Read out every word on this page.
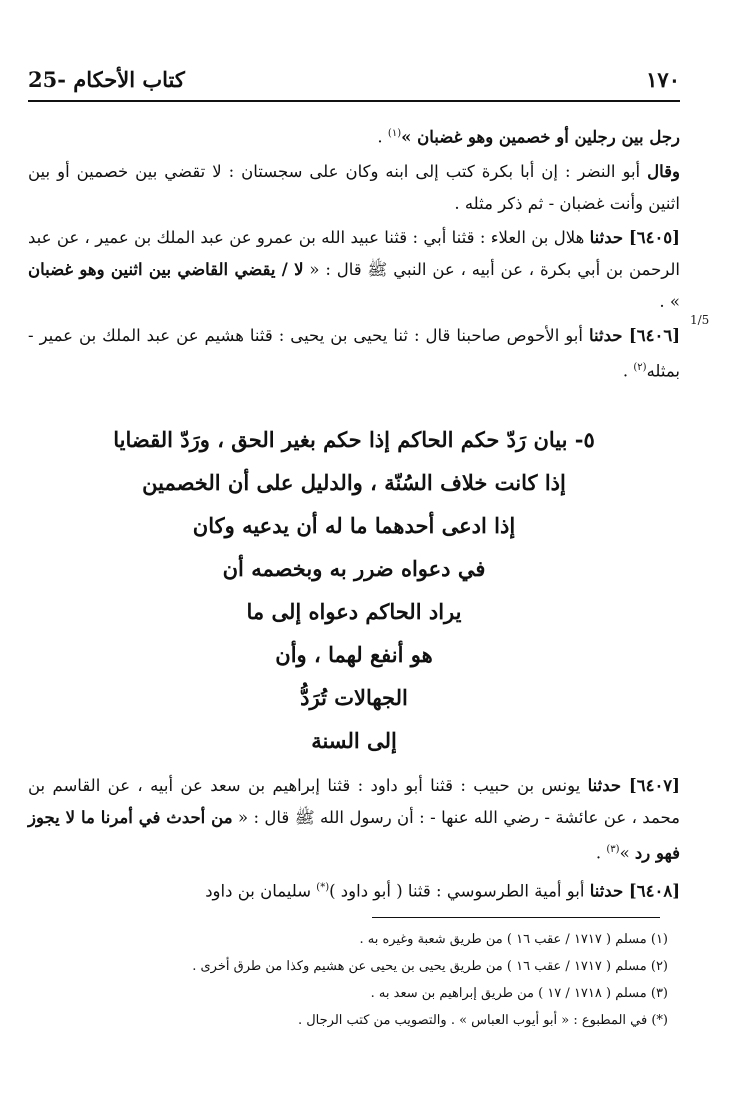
25- كتاب الأحكام	١٧٠
1/5

رجل بين رجلين أو خصمين وهو غضبان »$^{(١)}$ .

وقال أبو النضر : إن أبا بكرة كتب إلى ابنه وكان على سجستان : لا تقضي بين خصمين أو بين اثنين وأنت غضبان - ثم ذكر مثله .

[٦٤٠٥] حدثنا هلال بن العلاء : قثنا أبي : قثنا عبيد الله بن عمرو عن عبد الملك بن عمير ، عن عبد الرحمن بن أبي بكرة ، عن أبيه ، عن النبي ﷺ قال : « لا / يقضي القاضي بين اثنين وهو غضبان » .

[٦٤٠٦] حدثنا أبو الأحوص صاحبنا قال : ثنا يحيى بن يحيى : قثنا هشيم عن عبد الملك بن عمير - بمثله$^{(٢)}$ .

٥- بيان رَدّ حكم الحاكم إذا حكم بغير الحق ، ورَدّ القضايا
إذا كانت خلاف السُنّة ، والدليل على أن الخصمين
إذا ادعى أحدهما ما له أن يدعيه وكان
في دعواه ضرر به وبخصمه أن
يراد الحاكم دعواه إلى ما
هو أنفع لهما ، وأن
الجهالات تُرَدُّ
إلى السنة

[٦٤٠٧] حدثنا يونس بن حبيب : قثنا أبو داود : قثنا إبراهيم بن سعد عن أبيه ، عن القاسم بن محمد ، عن عائشة - رضي الله عنها - : أن رسول الله ﷺ قال : « من أحدث في أمرنا ما لا يجوز فهو رد »$^{(٣)}$ .

[٦٤٠٨] حدثنا أبو أمية الطرسوسي : قثنا ( أبو داود )(*) سليمان بن داود

(١) مسلم ( ١٧١٧ / عقب ١٦ ) من طريق شعبة وغيره به .
(٢) مسلم ( ١٧١٧ / عقب ١٦ ) من طريق يحيى بن يحيى عن هشيم وكذا من طرق أخرى .
(٣) مسلم ( ١٧١٨ / ١٧ ) من طريق إبراهيم بن سعد به .
(*) في المطبوع : « أبو أيوب العباس » . والتصويب من كتب الرجال .
